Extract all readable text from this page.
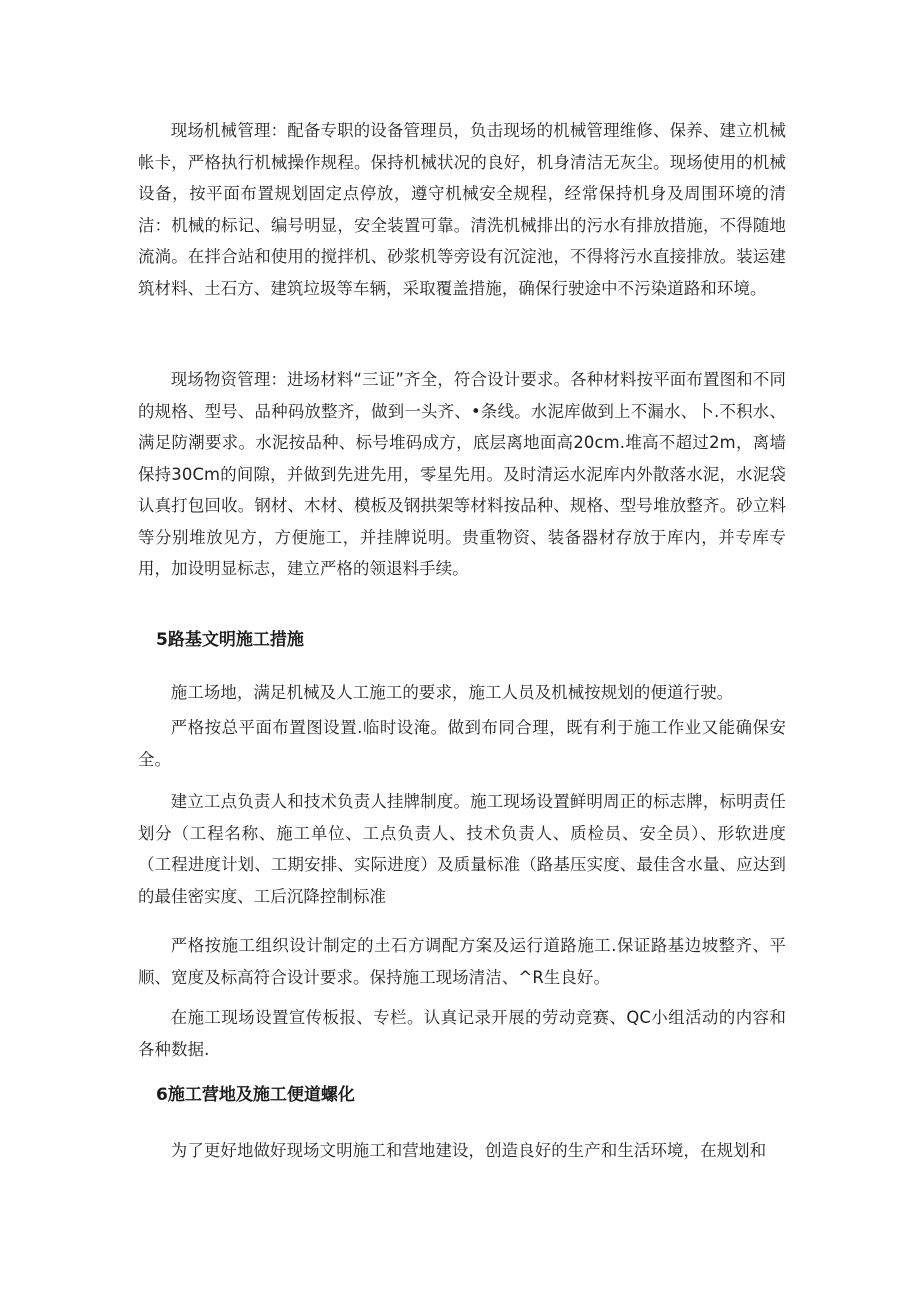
现场机械管理：配备专职的设备管理员，负击现场的机械管理维修、保养、建立机械帐卡，严格执行机械操作规程。保持机械状况的良好，机身清洁无灰尘。现场使用的机械设备，按平面布置规划固定点停放，遵守机械安全规程，经常保持机身及周围环境的清洁：机械的标记、编号明显，安全装置可靠。清洗机械排出的污水有排放措施，不得随地流淌。在拌合站和使用的搅拌机、砂浆机等旁设有沉淀池，不得将污水直接排放。装运建筑材料、土石方、建筑垃圾等车辆，采取覆盖措施，确保行驶途中不污染道路和环境。

现场物资管理：进场材料“三证”齐全，符合设计要求。各种材料按平面布置图和不同的规格、型号、品种码放整齐，做到一头齐、•条线。水泥库做到上不漏水、卜.不积水、满足防潮要求。水泥按品种、标号堆码成方，底层离地面高20cm.堆高不超过2m，离墙保持30Cm的间隙，并做到先进先用，零星先用。及时清运水泥库内外散落水泥，水泥袋认真打包回收。钢材、木材、模板及钢拱架等材料按品种、规格、型号堆放整齐。砂立料等分别堆放见方，方便施工，并挂牌说明。贵重物资、装备器材存放于库内，并专库专用，加设明显标志，建立严格的领退料手续。

5路基文明施工措施

施工场地，满足机械及人工施工的要求，施工人员及机械按规划的便道行驶。

严格按总平面布置图设置.临时设淹。做到布同合理，既有利于施工作业又能确保安全。

建立工点负责人和技术负责人挂牌制度。施工现场设置鲜明周正的标志牌，标明责任划分（工程名称、施工单位、工点负责人、技术负责人、质检员、安全员）、形软进度（工程进度计划、工期安排、实际进度）及质量标准（路基压实度、最佳含水量、应达到的最佳密实度、工后沉降控制标准

严格按施工组织设计制定的土石方调配方案及运行道路施工.保证路基边坡整齐、平顺、宽度及标高符合设计要求。保持施工现场清洁、^R生良好。

在施工现场设置宣传板报、专栏。认真记录开展的劳动竞赛、QC小组活动的内容和各种数据.

6施工营地及施工便道螺化

为了更好地做好现场文明施工和营地建设，创造良好的生产和生活环境，在规划和
